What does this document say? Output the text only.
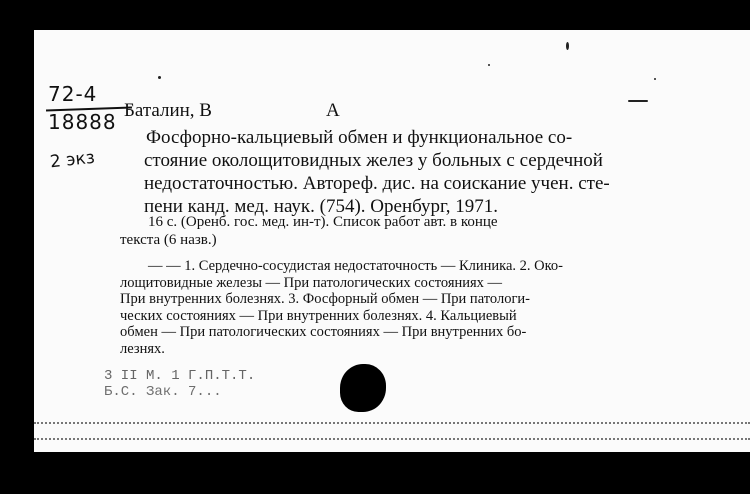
72-4
18888
2 экз
Баталин, В	А
Фосфорно-кальциевый обмен и функциональное со-
стояние околощитовидных желез у больных с сердечной
недостаточностью. Автореф. дис. на соискание учен. сте-
пени канд. мед. наук. (754). Оренбург, 1971.
16 с. (Оренб. гос. мед. ин-т). Список работ авт. в конце
текста (6 назв.)
— — 1. Сердечно-сосудистая недостаточность — Клиника. 2. Око-
лощитовидные железы — При патологических состояниях —
При внутренних болезнях. 3. Фосфорный обмен — При патологи-
ческих состояниях — При внутренних болезнях. 4. Кальциевый
обмен — При патологических состояниях — При внутренних бо-
лезнях.
3 II М. 1 Г.П.Т.Т.
Б.С. Зак. 7...
